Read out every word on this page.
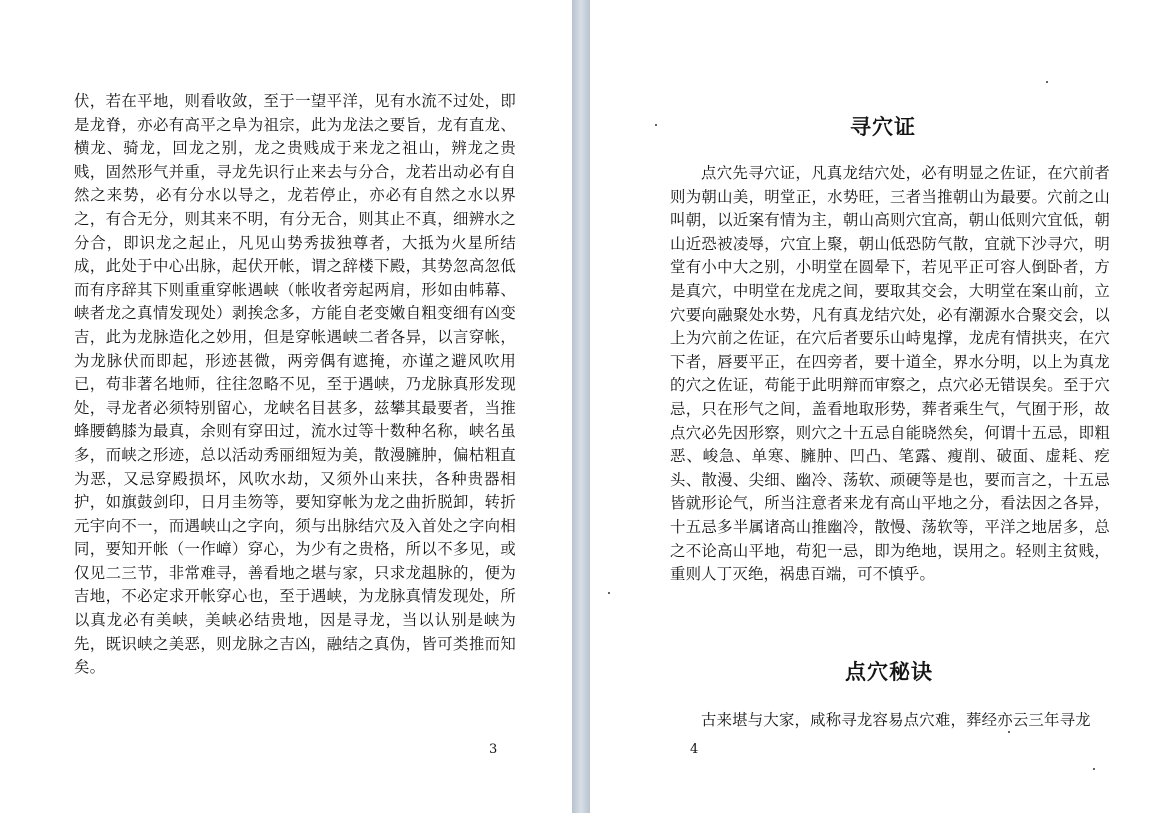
伏，若在平地，则看收敛，至于一望平洋，见有水流不过处，即是龙脊，亦必有高平之阜为祖宗，此为龙法之要旨，龙有直龙、横龙、骑龙，回龙之别，龙之贵贱成于来龙之祖山，辨龙之贵贱，固然形气并重，寻龙先识行止来去与分合，龙若出动必有自然之来势，必有分水以导之，龙若停止，亦必有自然之水以界之，有合无分，则其来不明，有分无合，则其止不真，细辨水之分合，即识龙之起止，凡见山势秀拔独尊者，大抵为火星所结成，此处于中心出脉，起伏开帐，谓之辞楼下殿，其势忽高忽低而有序辞其下则重重穿帐遇峡（帐收者旁起两肩，形如由帏幕、峡者龙之真情发现处）剥挨念多，方能自老变嫩自粗变细有凶变吉，此为龙脉造化之妙用，但是穿帐遇峡二者各异，以言穿帐，为龙脉伏而即起，形迹甚微，两旁偶有遮掩，亦谨之避风吹用已，苟非著名地师，往往忽略不见，至于遇峡，乃龙脉真形发现处，寻龙者必须特别留心，龙峡名目甚多，兹攀其最要者，当推蜂腰鹤膝为最真，余则有穿田过，流水过等十数种名称，峡名虽多，而峡之形迹，总以活动秀丽细短为美，散漫臃肿，偏枯粗直为恶，又忌穿殿损坏，风吹水劫，又须外山来扶，各种贵器相护，如旗鼓剑印，日月圭笏等，要知穿帐为龙之曲折脱卸，转折元宇向不一，而遇峡山之字向，须与出脉结穴及入首处之字向相同，要知开帐（一作嶂）穿心，为少有之贵格，所以不多见，或仅见二三节，非常难寻，善看地之堪与家，只求龙趄脉的，便为吉地，不必定求开帐穿心也，至于遇峡，为龙脉真情发现处，所以真龙必有美峡，美峡必结贵地，因是寻龙，当以认别是峡为先，既识峡之美恶，则龙脉之吉凶，融结之真伪，皆可类推而知矣。

3
寻穴证

点穴先寻穴证，凡真龙结穴处，必有明显之佐证，在穴前者则为朝山美，明堂正，水势旺，三者当推朝山为最要。穴前之山叫朝，以近案有情为主，朝山高则穴宜高，朝山低则穴宜低，朝山近恐被凌辱，穴宜上聚，朝山低恐防气散，宜就下沙寻穴，明堂有小中大之别，小明堂在圆晕下，若见平正可容人倒卧者，方是真穴，中明堂在龙虎之间，要取其交会，大明堂在案山前，立穴要向融聚处水势，凡有真龙结穴处，必有潮源水合聚交会，以上为穴前之佐证，在穴后者要乐山峙鬼撑，龙虎有情拱夹，在穴下者，唇要平正，在四旁者，要十道全，界水分明，以上为真龙的穴之佐证，苟能于此明辩而审察之，点穴必无错误矣。至于穴忌，只在形气之间，盖看地取形势，葬者乘生气，气囿于形，故点穴必先因形察，则穴之十五忌自能晓然矣，何谓十五忌，即粗恶、峻急、单寒、臃肿、凹凸、笔露、瘦削、破面、虚耗、疙头、散漫、尖细、幽冷、荡软、顽硬等是也，要而言之，十五忌皆就形论气，所当注意者来龙有高山平地之分，看法因之各异，十五忌多半属诸高山推幽冷，散慢、荡软等，平洋之地居多，总之不论高山平地，苟犯一忌，即为绝地，误用之。轻则主贫贱，重则人丁灭绝，祸患百端，可不慎乎。

点穴秘诀

古来堪与大家，咸称寻龙容易点穴难，葬经亦云三年寻龙

4
